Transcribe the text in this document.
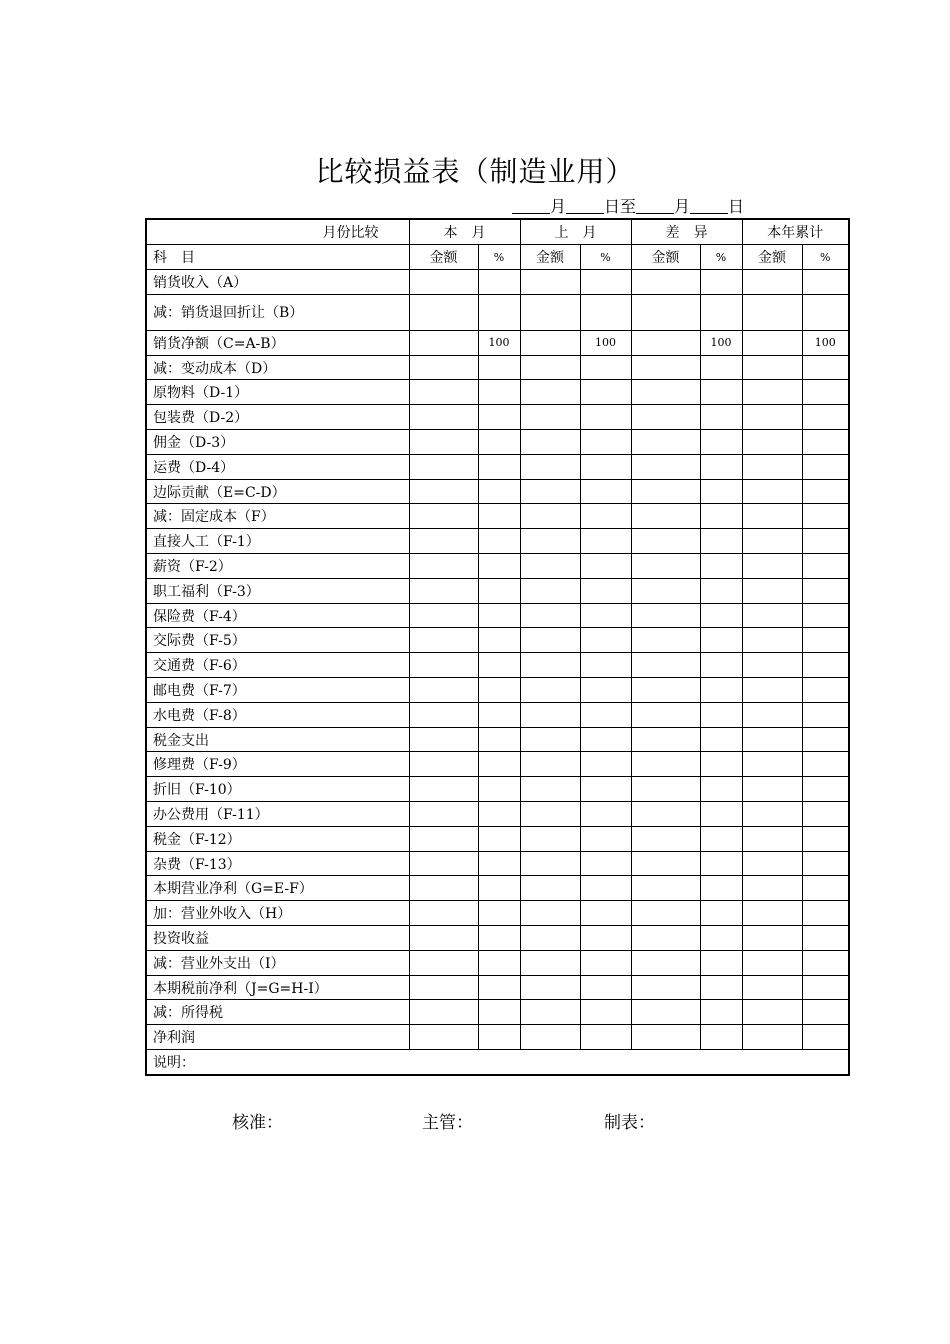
比较损益表（制造业用）
月 日至 月 日
月份比较	本　月		上　月		差　异		本年累计	
科　目	金额	%	金额	%	金额	%	金额	%
销货收入（A）								
减：销货退回折让（B）								
销货净额（C=A-B）		100		100		100		100
减：变动成本（D）								
原物料（D-1）								
包装费（D-2）								
佣金（D-3）								
运费（D-4）								
边际贡献（E=C-D）								
减：固定成本（F）								
直接人工（F-1）								
薪资（F-2）								
职工福利（F-3）								
保险费（F-4）								
交际费（F-5）								
交通费（F-6）								
邮电费（F-7）								
水电费（F-8）								
税金支出								
修理费（F-9）								
折旧（F-10）								
办公费用（F-11）								
税金（F-12）								
杂费（F-13）								
本期营业净利（G=E-F）								
加：营业外收入（H）								
投资收益								
减：营业外支出（I）								
本期税前净利（J=G=H-I）								
减：所得税								
净利润								
说明：								
核准：	主管：	制表：
